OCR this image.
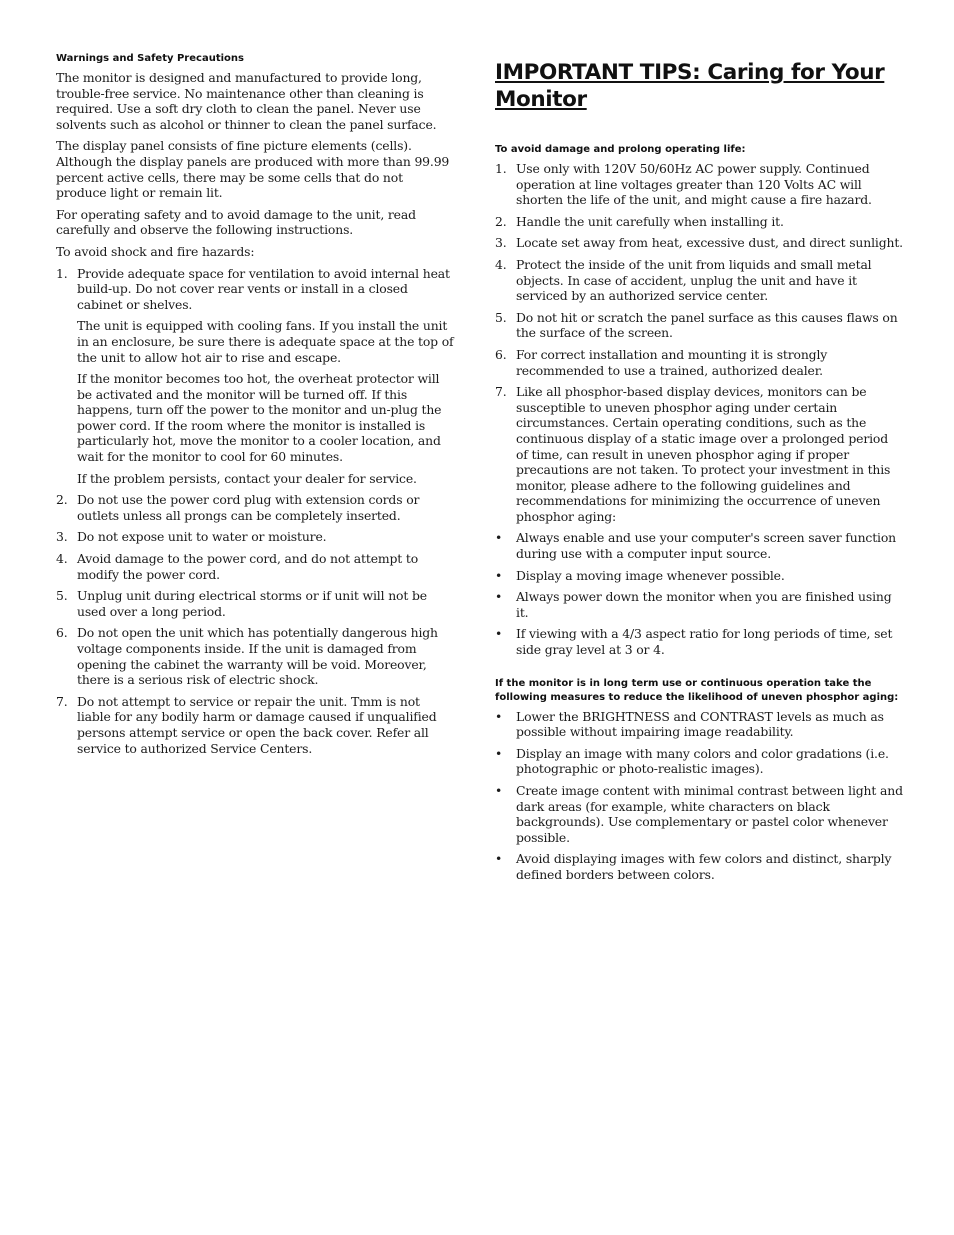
Warnings and Safety Precautions

The monitor is designed and manufactured to provide long, trouble-free service. No maintenance other than cleaning is required. Use a soft dry cloth to clean the panel. Never use solvents such as alcohol or thinner to clean the panel surface.

The display panel consists of fine picture elements (cells). Although the display panels are produced with more than 99.99 percent active cells, there may be some cells that do not produce light or remain lit.

For operating safety and to avoid damage to the unit, read carefully and observe the following instructions.

To avoid shock and fire hazards:

1. Provide adequate space for ventilation to avoid internal heat build-up. Do not cover rear vents or install in a closed cabinet or shelves.

The unit is equipped with cooling fans. If you install the unit in an enclosure, be sure there is adequate space at the top of the unit to allow hot air to rise and escape.

If the monitor becomes too hot, the overheat protector will be activated and the monitor will be turned off. If this happens, turn off the power to the monitor and un-plug the power cord. If the room where the monitor is installed is particularly hot, move the monitor to a cooler location, and wait for the monitor to cool for 60 minutes.

If the problem persists, contact your dealer for service.

2. Do not use the power cord plug with extension cords or outlets unless all prongs can be completely inserted.
3. Do not expose unit to water or moisture.
4. Avoid damage to the power cord, and do not attempt to modify the power cord.
5. Unplug unit during electrical storms or if unit will not be used over a long period.
6. Do not open the unit which has potentially dangerous high voltage components inside. If the unit is damaged from opening the cabinet the warranty will be void. Moreover, there is a serious risk of electric shock.
7. Do not attempt to service or repair the unit. Tmm is not liable for any bodily harm or damage caused if unqualified persons attempt service or open the back cover. Refer all service to authorized Service Centers.
IMPORTANT TIPS: Caring for Your Monitor

To avoid damage and prolong operating life:

1. Use only with 120V 50/60Hz AC power supply. Continued operation at line voltages greater than 120 Volts AC will shorten the life of the unit, and might cause a fire hazard.
2. Handle the unit carefully when installing it.
3. Locate set away from heat, excessive dust, and direct sunlight.
4. Protect the inside of the unit from liquids and small metal objects. In case of accident, unplug the unit and have it serviced by an authorized service center.
5. Do not hit or scratch the panel surface as this causes flaws on the surface of the screen.
6. For correct installation and mounting it is strongly recommended to use a trained, authorized dealer.
7. Like all phosphor-based display devices, monitors can be susceptible to uneven phosphor aging under certain circumstances. Certain operating conditions, such as the continuous display of a static image over a prolonged period of time, can result in uneven phosphor aging if proper precautions are not taken. To protect your investment in this monitor, please adhere to the following guidelines and recommendations for minimizing the occurrence of uneven phosphor aging:
• Always enable and use your computer's screen saver function during use with a computer input source.
• Display a moving image whenever possible.
• Always power down the monitor when you are finished using it.
• If viewing with a 4/3 aspect ratio for long periods of time, set side gray level at 3 or 4.

If the monitor is in long term use or continuous operation take the following measures to reduce the likelihood of uneven phosphor aging:

• Lower the BRIGHTNESS and CONTRAST levels as much as possible without impairing image readability.
• Display an image with many colors and color gradations (i.e. photographic or photo-realistic images).
• Create image content with minimal contrast between light and dark areas (for example, white characters on black backgrounds). Use complementary or pastel color whenever possible.
• Avoid displaying images with few colors and distinct, sharply defined borders between colors.
